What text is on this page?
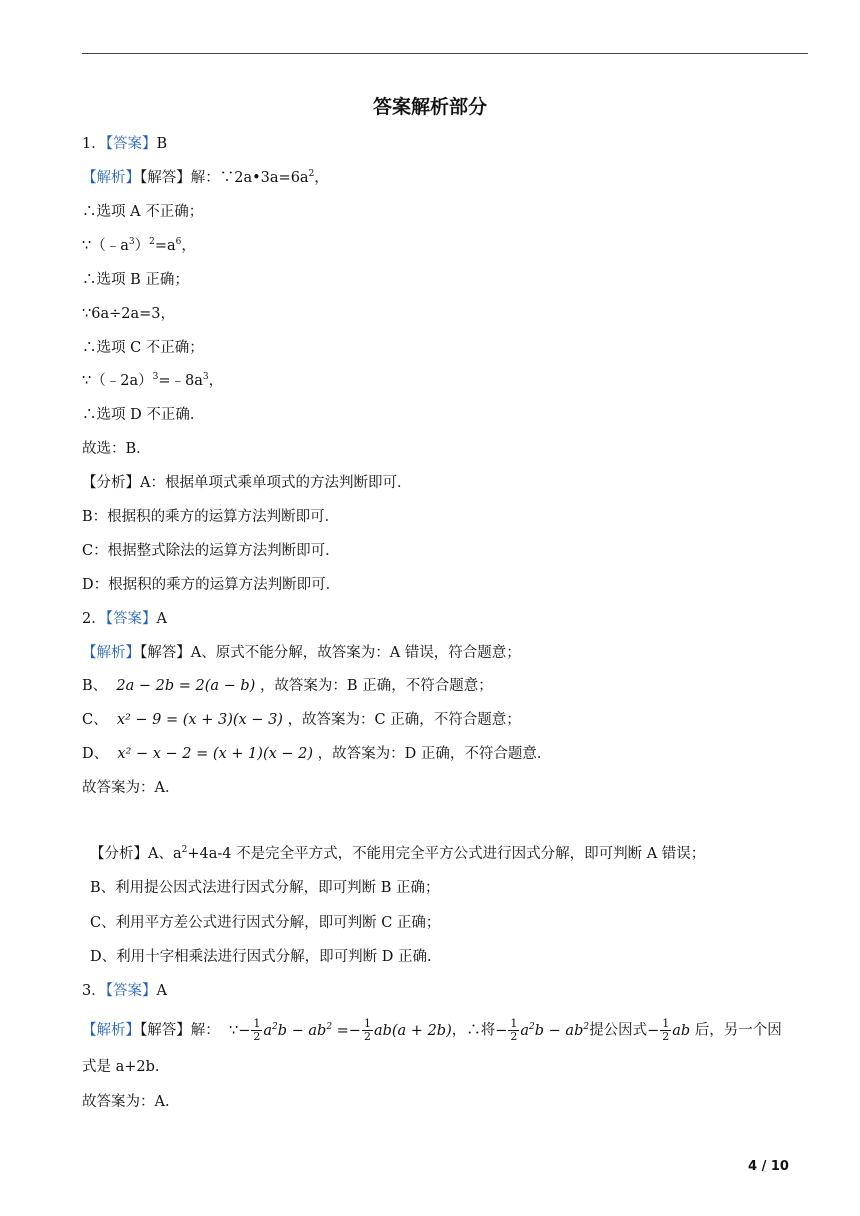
答案解析部分
1．【答案】B
【解析】【解答】解：$\because 2a•3a=6a^2$，
∴选项 A 不正确；
$\because(﹣a^3)^2=a^6$，
∴选项 B 正确；
∵6a÷2a=3，
∴选项 C 不正确；
$\because(﹣2a)^3=﹣8a^3$，
∴选项 D 不正确．
故选：B．
【分析】A：根据单项式乘单项式的方法判断即可．
B：根据积的乘方的运算方法判断即可．
C：根据整式除法的运算方法判断即可．
D：根据积的乘方的运算方法判断即可．
2．【答案】A
【解析】【解答】A、原式不能分解，故答案为：A 错误，符合题意；
B、 2a − 2b = 2(a − b) ，故答案为：B 正确，不符合题意；
C、 x² − 9 = (x + 3)(x − 3) ，故答案为：C 正确，不符合题意；
D、 x² − x − 2 = (x + 1)(x − 2) ，故答案为：D 正确，不符合题意．
故答案为：A．
【分析】A、$a^2+4a-4$ 不是完全平方式，不能用完全平方公式进行因式分解，即可判断 A 错误；
B、利用提公因式法进行因式分解，即可判断 B 正确；
C、利用平方差公式进行因式分解，即可判断 C 正确；
D、利用十字相乘法进行因式分解，即可判断 D 正确.
3．【答案】A
【解析】【解答】解： ∵− $\frac{1}{2} a^2b - ab^2 =- \frac{1}{2} ab(a + 2b)$，∴将− $\frac{1}{2} a^2b - ab^2$提公因式− $\frac{1}{2}$ ab 后，另一个因
式是 a+2b.
故答案为：A.
4 / 10
